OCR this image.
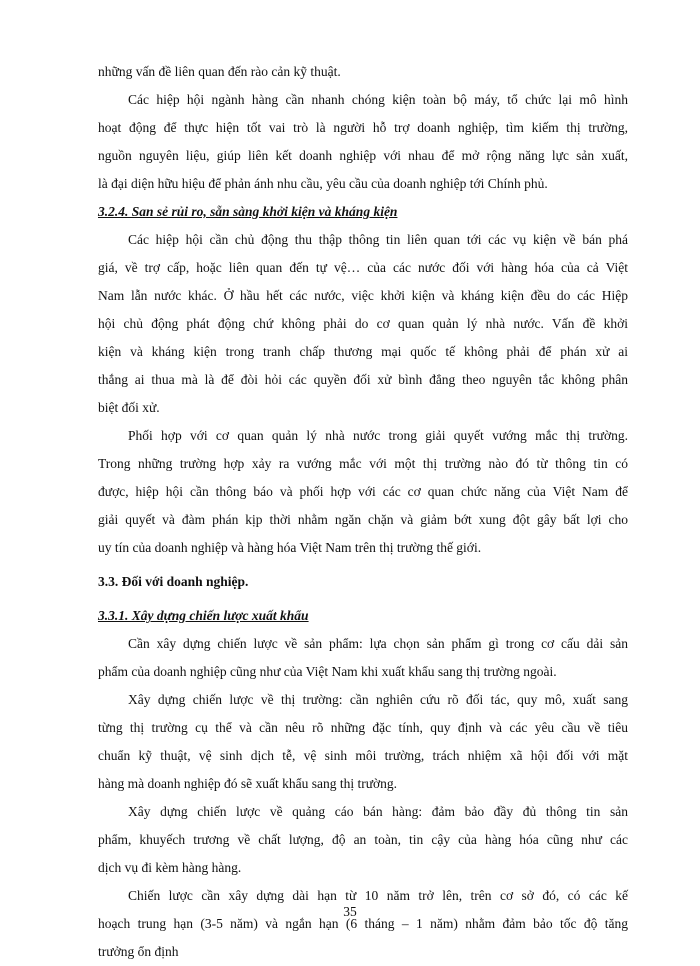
những vấn đề liên quan đến rào cản kỹ thuật.
Các hiệp hội ngành hàng cần nhanh chóng kiện toàn bộ máy, tổ chức lại mô hình
hoạt động để thực hiện tốt vai trò là người hỗ trợ doanh nghiệp, tìm kiếm thị trường,
nguồn nguyên liệu, giúp liên kết doanh nghiệp với nhau để mở rộng năng lực sản xuất,
là đại diện hữu hiệu để phản ánh nhu cầu, yêu cầu của doanh nghiệp tới Chính phủ.
3.2.4. San sẻ rủi ro, sẵn sàng khởi kiện và kháng kiện
Các hiệp hội cần chủ động thu thập thông tin liên quan tới các vụ kiện về bán phá
giá, về trợ cấp, hoặc liên quan đến tự vệ… của các nước đối với hàng hóa của cả Việt
Nam lẫn nước khác. Ở hầu hết các nước, việc khởi kiện và kháng kiện đều do các Hiệp
hội chủ động phát động chứ không phải do cơ quan quản lý nhà nước. Vấn đề khởi
kiện và kháng kiện trong tranh chấp thương mại quốc tế không phải để phán xử ai
thắng ai thua mà là để đòi hỏi các quyền đối xử bình đẳng theo nguyên tắc không phân
biệt đối xử.
Phối hợp với cơ quan quản lý nhà nước trong giải quyết vướng mắc thị trường.
Trong những trường hợp xảy ra vướng mắc với một thị trường nào đó từ thông tin có
được, hiệp hội cần thông báo và phối hợp với các cơ quan chức năng của Việt Nam để
giải quyết và đàm phán kịp thời nhằm ngăn chặn và giảm bớt xung đột gây bất lợi cho
uy tín của doanh nghiệp và hàng hóa Việt Nam trên thị trường thế giới.
3.3. Đối với doanh nghiệp.
3.3.1. Xây dựng chiến lược xuất khẩu
Cần xây dựng chiến lược về sản phẩm: lựa chọn sản phẩm gì trong cơ cấu dải sản
phẩm của doanh nghiệp cũng như của Việt Nam khi xuất khẩu sang thị trường ngoài.
Xây dựng chiến lược về thị trường: cần nghiên cứu rõ đối tác, quy mô, xuất sang
từng thị trường cụ thể và cần nêu rõ những đặc tính, quy định và các yêu cầu về tiêu
chuẩn kỹ thuật, vệ sinh dịch tễ, vệ sinh môi trường, trách nhiệm xã hội đối với mặt
hàng mà doanh nghiệp đó sẽ xuất khẩu sang thị trường.
Xây dựng chiến lược về quảng cáo bán hàng: đảm bảo đầy đủ thông tin sản
phẩm, khuyếch trương về chất lượng, độ an toàn, tin cậy của hàng hóa cũng như các
dịch vụ đi kèm hàng hàng.
Chiến lược cần xây dựng dài hạn từ 10 năm trở lên, trên cơ sở đó, có các kế
hoạch trung hạn (3-5 năm) và ngắn hạn (6 tháng – 1 năm) nhằm đảm bảo tốc độ tăng
trưởng ổn định
35
